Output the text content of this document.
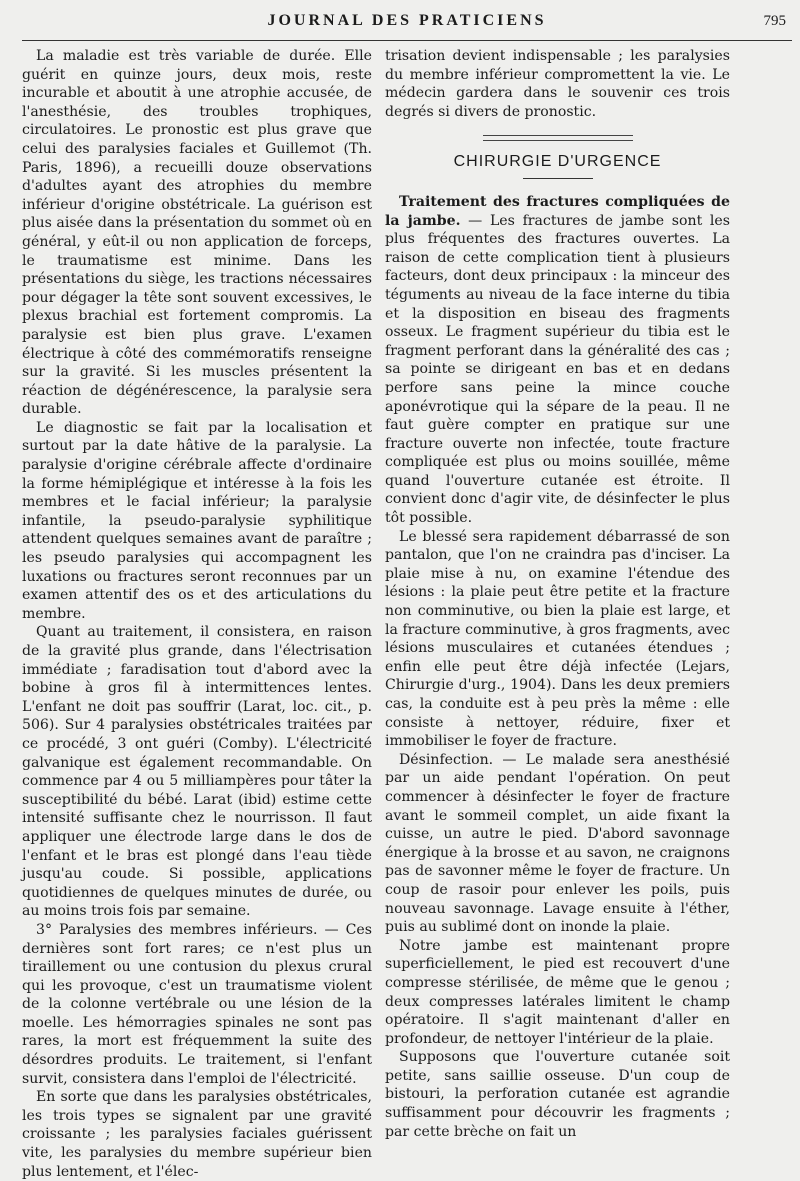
JOURNAL DES PRATICIENS	795

La maladie est très variable de durée. Elle guérit en quinze jours, deux mois, reste incurable et aboutit à une atrophie accusée, de l'anesthésie, des troubles trophiques, circulatoires. Le pronostic est plus grave que celui des paralysies faciales et Guillemot (Th. Paris, 1896), a recueilli douze observations d'adultes ayant des atrophies du membre inférieur d'origine obstétricale. La guérison est plus aisée dans la présentation du sommet où en général, y eût-il ou non application de forceps, le traumatisme est minime. Dans les présentations du siège, les tractions nécessaires pour dégager la tête sont souvent excessives, le plexus brachial est fortement compromis. La paralysie est bien plus grave. L'examen électrique à côté des commémoratifs renseigne sur la gravité. Si les muscles présentent la réaction de dégénérescence, la paralysie sera durable.

Le diagnostic se fait par la localisation et surtout par la date hâtive de la paralysie. La paralysie d'origine cérébrale affecte d'ordinaire la forme hémiplégique et intéresse à la fois les membres et le facial inférieur; la paralysie infantile, la pseudo-paralysie syphilitique attendent quelques semaines avant de paraître ; les pseudo paralysies qui accompagnent les luxations ou fractures seront reconnues par un examen attentif des os et des articulations du membre.

Quant au traitement, il consistera, en raison de la gravité plus grande, dans l'électrisation immédiate ; faradisation tout d'abord avec la bobine à gros fil à intermittences lentes. L'enfant ne doit pas souffrir (Larat, loc. cit., p. 506). Sur 4 paralysies obstétricales traitées par ce procédé, 3 ont guéri (Comby). L'électricité galvanique est également recommandable. On commence par 4 ou 5 milliampères pour tâter la susceptibilité du bébé. Larat (ibid) estime cette intensité suffisante chez le nourrisson. Il faut appliquer une électrode large dans le dos de l'enfant et le bras est plongé dans l'eau tiède jusqu'au coude. Si possible, applications quotidiennes de quelques minutes de durée, ou au moins trois fois par semaine.

3° Paralysies des membres inférieurs. — Ces dernières sont fort rares; ce n'est plus un tiraillement ou une contusion du plexus crural qui les provoque, c'est un traumatisme violent de la colonne vertébrale ou une lésion de la moelle. Les hémorragies spinales ne sont pas rares, la mort est fréquemment la suite des désordres produits. Le traitement, si l'enfant survit, consistera dans l'emploi de l'électricité.

En sorte que dans les paralysies obstétricales, les trois types se signalent par une gravité croissante ; les paralysies faciales guérissent vite, les paralysies du membre supérieur bien plus lentement, et l'élec-

trisation devient indispensable ; les paralysies du membre inférieur compromettent la vie. Le médecin gardera dans le souvenir ces trois degrés si divers de pronostic.

CHIRURGIE D'URGENCE

Traitement des fractures compliquées de la jambe. — Les fractures de jambe sont les plus fréquentes des fractures ouvertes. La raison de cette complication tient à plusieurs facteurs, dont deux principaux : la minceur des téguments au niveau de la face interne du tibia et la disposition en biseau des fragments osseux. Le fragment supérieur du tibia est le fragment perforant dans la généralité des cas ; sa pointe se dirigeant en bas et en dedans perfore sans peine la mince couche aponévrotique qui la sépare de la peau. Il ne faut guère compter en pratique sur une fracture ouverte non infectée, toute fracture compliquée est plus ou moins souillée, même quand l'ouverture cutanée est étroite. Il convient donc d'agir vite, de désinfecter le plus tôt possible.

Le blessé sera rapidement débarrassé de son pantalon, que l'on ne craindra pas d'inciser. La plaie mise à nu, on examine l'étendue des lésions : la plaie peut être petite et la fracture non comminutive, ou bien la plaie est large, et la fracture comminutive, à gros fragments, avec lésions musculaires et cutanées étendues ; enfin elle peut être déjà infectée (Lejars, Chirurgie d'urg., 1904). Dans les deux premiers cas, la conduite est à peu près la même : elle consiste à nettoyer, réduire, fixer et immobiliser le foyer de fracture.

Désinfection. — Le malade sera anesthésié par un aide pendant l'opération. On peut commencer à désinfecter le foyer de fracture avant le sommeil complet, un aide fixant la cuisse, un autre le pied. D'abord savonnage énergique à la brosse et au savon, ne craignons pas de savonner même le foyer de fracture. Un coup de rasoir pour enlever les poils, puis nouveau savonnage. Lavage ensuite à l'éther, puis au sublimé dont on inonde la plaie.

Notre jambe est maintenant propre superficiellement, le pied est recouvert d'une compresse stérilisée, de même que le genou ; deux compresses latérales limitent le champ opératoire. Il s'agit maintenant d'aller en profondeur, de nettoyer l'intérieur de la plaie.

Supposons que l'ouverture cutanée soit petite, sans saillie osseuse. D'un coup de bistouri, la perforation cutanée est agrandie suffisamment pour découvrir les fragments ; par cette brèche on fait un
